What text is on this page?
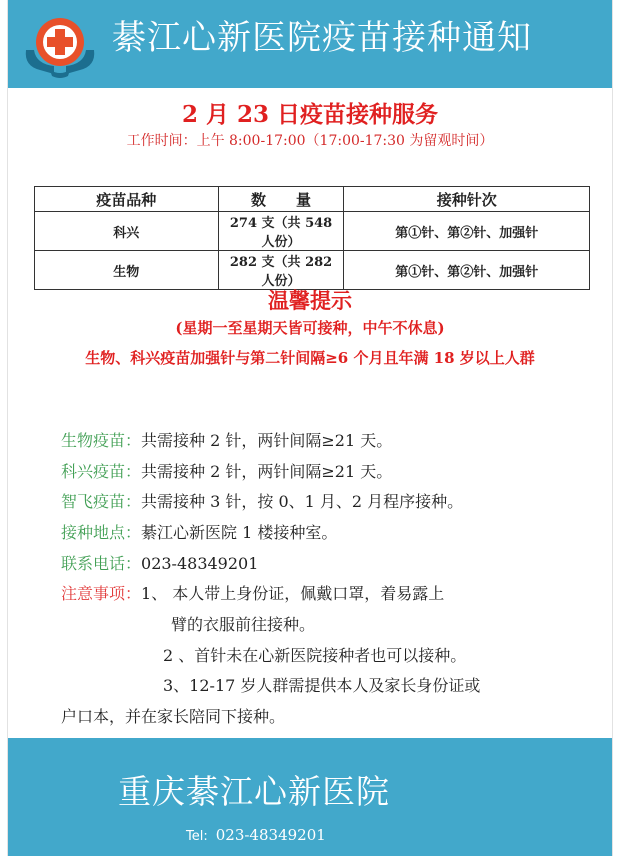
綦江心新医院疫苗接种通知
2 月 23 日疫苗接种服务
工作时间：上午 8:00-17:00（17:00-17:30 为留观时间）
疫苗品种	数　　量	接种针次
科兴	274 支（共 548 人份）	第①针、第②针、加强针
生物	282 支（共 282 人份）	第①针、第②针、加强针
温馨提示
(星期一至星期天皆可接种，中午不休息)
生物、科兴疫苗加强针与第二针间隔≥6 个月且年满 18 岁以上人群
生物疫苗：共需接种 2 针，两针间隔≥21 天。
科兴疫苗：共需接种 2 针，两针间隔≥21 天。
智飞疫苗：共需接种 3 针，按 0、1 月、2 月程序接种。
接种地点：綦江心新医院 1 楼接种室。
联系电话：023-48349201
注意事项：1、 本人带上身份证，佩戴口罩，着易露上
臂的衣服前往接种。
2 、首针未在心新医院接种者也可以接种。
3、12-17 岁人群需提供本人及家长身份证或
户口本，并在家长陪同下接种。
重庆綦江心新医院
Tel: 023-48349201
